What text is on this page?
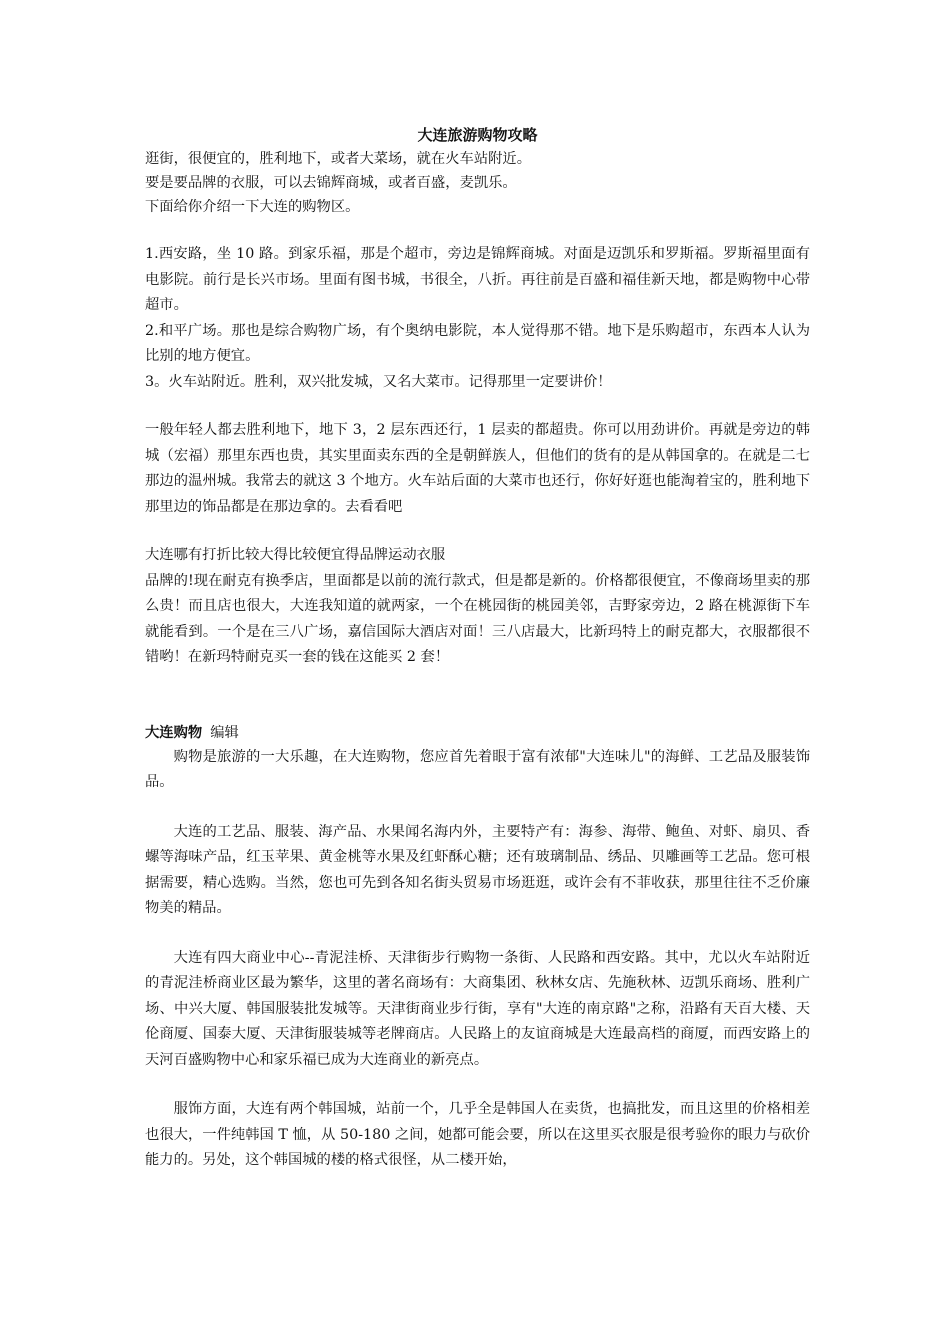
大连旅游购物攻略
逛街，很便宜的，胜利地下，或者大菜场，就在火车站附近。
要是要品牌的衣服，可以去锦辉商城，或者百盛，麦凯乐。
下面给你介绍一下大连的购物区。
1.西安路，坐 10 路。到家乐福，那是个超市，旁边是锦辉商城。对面是迈凯乐和罗斯福。罗斯福里面有电影院。前行是长兴市场。里面有图书城，书很全，八折。再往前是百盛和福佳新天地，都是购物中心带超市。
2.和平广场。那也是综合购物广场，有个奥纳电影院，本人觉得那不错。地下是乐购超市，东西本人认为比别的地方便宜。
3。火车站附近。胜利，双兴批发城，又名大菜市。记得那里一定要讲价！
一般年轻人都去胜利地下，地下 3，2 层东西还行，1 层卖的都超贵。你可以用劲讲价。再就是旁边的韩城（宏福）那里东西也贵，其实里面卖东西的全是朝鲜族人，但他们的货有的是从韩国拿的。在就是二七那边的温州城。我常去的就这 3 个地方。火车站后面的大菜市也还行，你好好逛也能淘着宝的，胜利地下那里边的饰品都是在那边拿的。去看看吧
大连哪有打折比较大得比较便宜得品牌运动衣服
品牌的!现在耐克有换季店，里面都是以前的流行款式，但是都是新的。价格都很便宜，不像商场里卖的那么贵！而且店也很大，大连我知道的就两家，一个在桃园街的桃园美邻，吉野家旁边，2 路在桃源街下车就能看到。一个是在三八广场，嘉信国际大酒店对面！三八店最大，比新玛特上的耐克都大，衣服都很不错哟！在新玛特耐克买一套的钱在这能买 2 套！
大连购物 编辑
购物是旅游的一大乐趣，在大连购物，您应首先着眼于富有浓郁"大连味儿"的海鲜、工艺品及服装饰品。
大连的工艺品、服装、海产品、水果闻名海内外，主要特产有：海参、海带、鲍鱼、对虾、扇贝、香螺等海味产品，红玉苹果、黄金桃等水果及红虾酥心糖；还有玻璃制品、绣品、贝雕画等工艺品。您可根据需要，精心选购。当然，您也可先到各知名街头贸易市场逛逛，或许会有不菲收获，那里往往不乏价廉物美的精品。
大连有四大商业中心--青泥洼桥、天津街步行购物一条街、人民路和西安路。其中，尤以火车站附近的青泥洼桥商业区最为繁华，这里的著名商场有：大商集团、秋林女店、先施秋林、迈凯乐商场、胜利广场、中兴大厦、韩国服装批发城等。天津街商业步行街，享有"大连的南京路"之称，沿路有天百大楼、天伦商厦、国泰大厦、天津街服装城等老牌商店。人民路上的友谊商城是大连最高档的商厦，而西安路上的天河百盛购物中心和家乐福已成为大连商业的新亮点。
服饰方面，大连有两个韩国城，站前一个，几乎全是韩国人在卖货，也搞批发，而且这里的价格相差也很大，一件纯韩国 T 恤，从 50-180 之间，她都可能会要，所以在这里买衣服是很考验你的眼力与砍价能力的。另处，这个韩国城的楼的格式很怪，从二楼开始，
